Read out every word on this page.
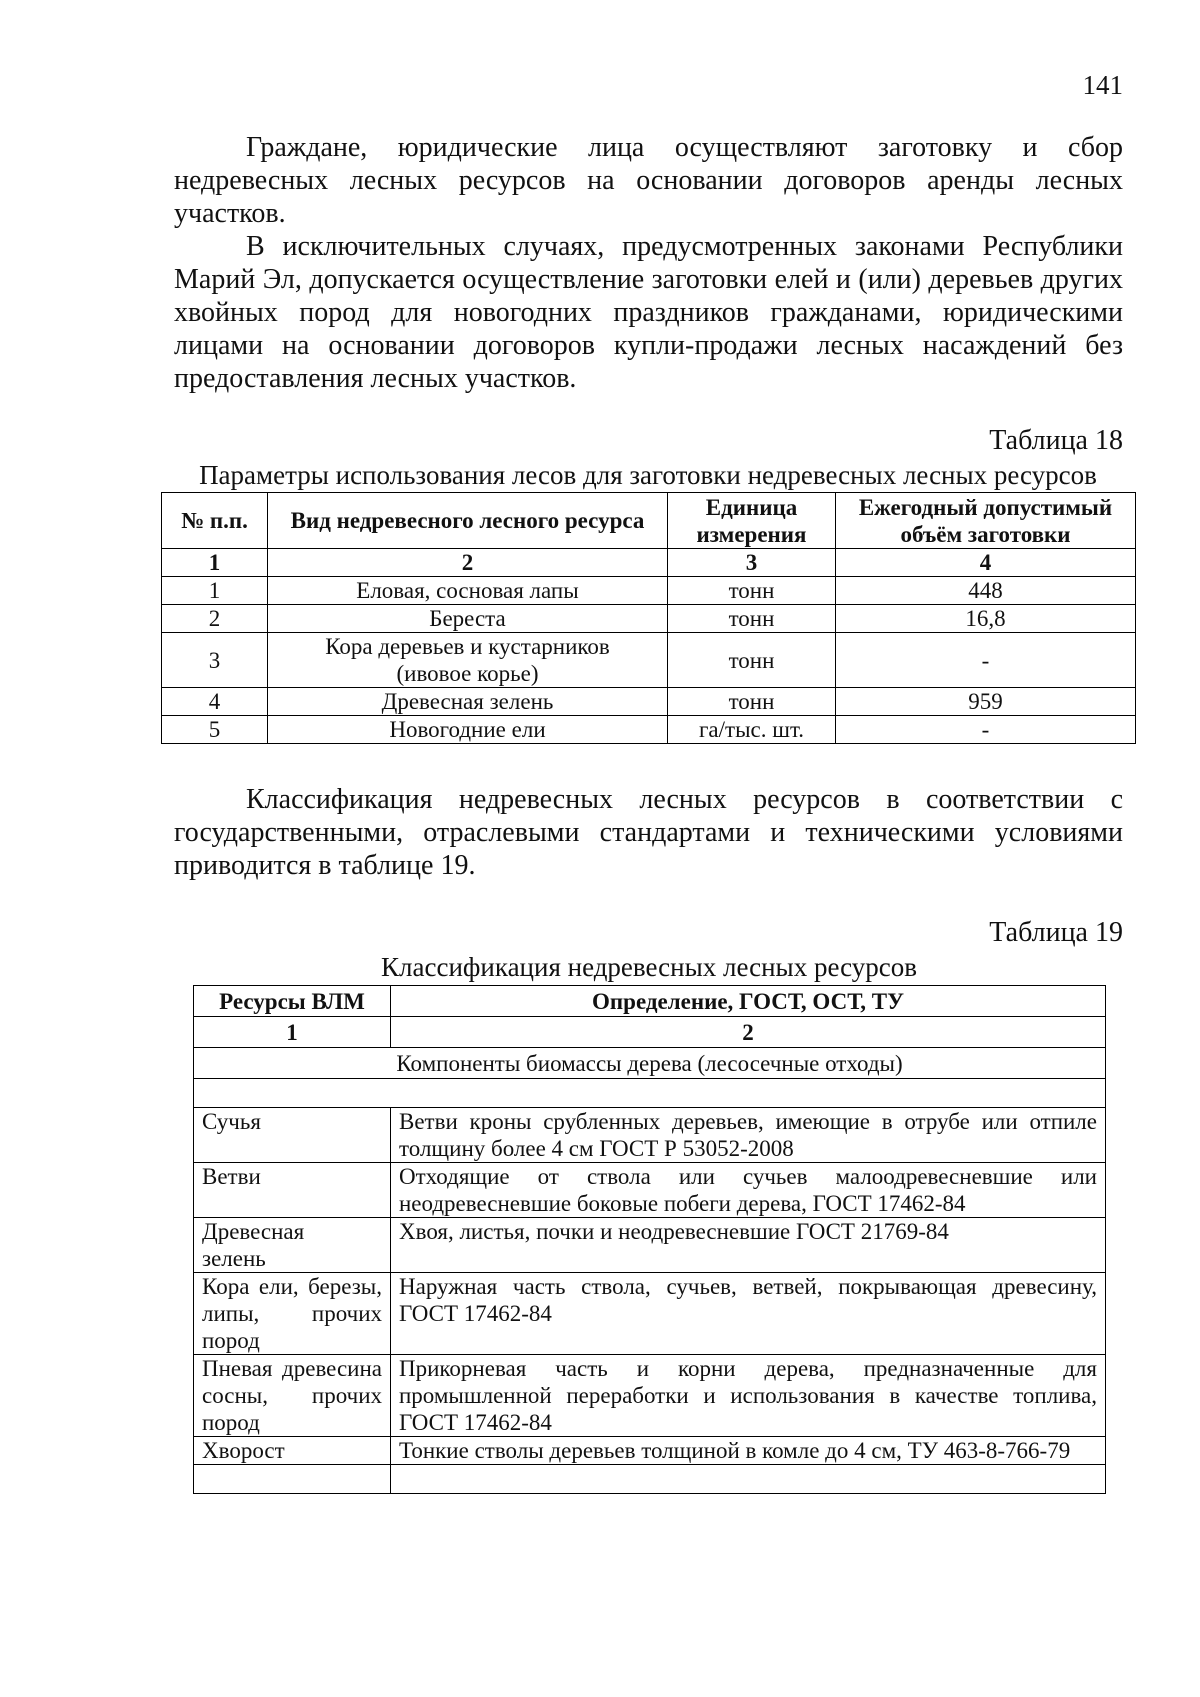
141

Граждане, юридические лица осуществляют заготовку и сбор недревесных лесных ресурсов на основании договоров аренды лесных участков.

В исключительных случаях, предусмотренных законами Республики Марий Эл, допускается осуществление заготовки елей и (или) деревьев других хвойных пород для новогодних праздников гражданами, юридическими лицами на основании договоров купли-продажи лесных насаждений без предоставления лесных участков.

Таблица 18
Параметры использования лесов для заготовки недревесных лесных ресурсов
№ п.п.	Вид недревесного лесного ресурса	Единица измерения	Ежегодный допустимый объём заготовки
1	2	3	4
1	Еловая, сосновая лапы	тонн	448
2	Береста	тонн	16,8
3	Кора деревьев и кустарников (ивовое корье)	тонн	-
4	Древесная зелень	тонн	959
5	Новогодние ели	га/тыс. шт.	-

Классификация недревесных лесных ресурсов в соответствии с государственными, отраслевыми стандартами и техническими условиями приводится в таблице 19.

Таблица 19
Классификация недревесных лесных ресурсов
Ресурсы ВЛМ	Определение, ГОСТ, ОСТ, ТУ
1	2
Компоненты биомассы дерева (лесосечные отходы)	

Сучья	Ветви кроны срубленных деревьев, имеющие в отрубе или отпиле толщину более 4 см ГОСТ Р 53052-2008
Ветви	Отходящие от ствола или сучьев малоодревесневшие или неодревесневшие боковые побеги дерева, ГОСТ 17462-84
Древесная зелень	Хвоя, листья, почки и неодревесневшие ГОСТ 21769-84
Кора ели, березы, липы, прочих пород	Наружная часть ствола, сучьев, ветвей, покрывающая древесину, ГОСТ 17462-84
Пневая древесина сосны, прочих пород	Прикорневая часть и корни дерева, предназначенные для промышленной переработки и использования в качестве топлива, ГОСТ 17462-84
Хворост	Тонкие стволы деревьев толщиной в комле до 4 см, ТУ 463-8-766-79
